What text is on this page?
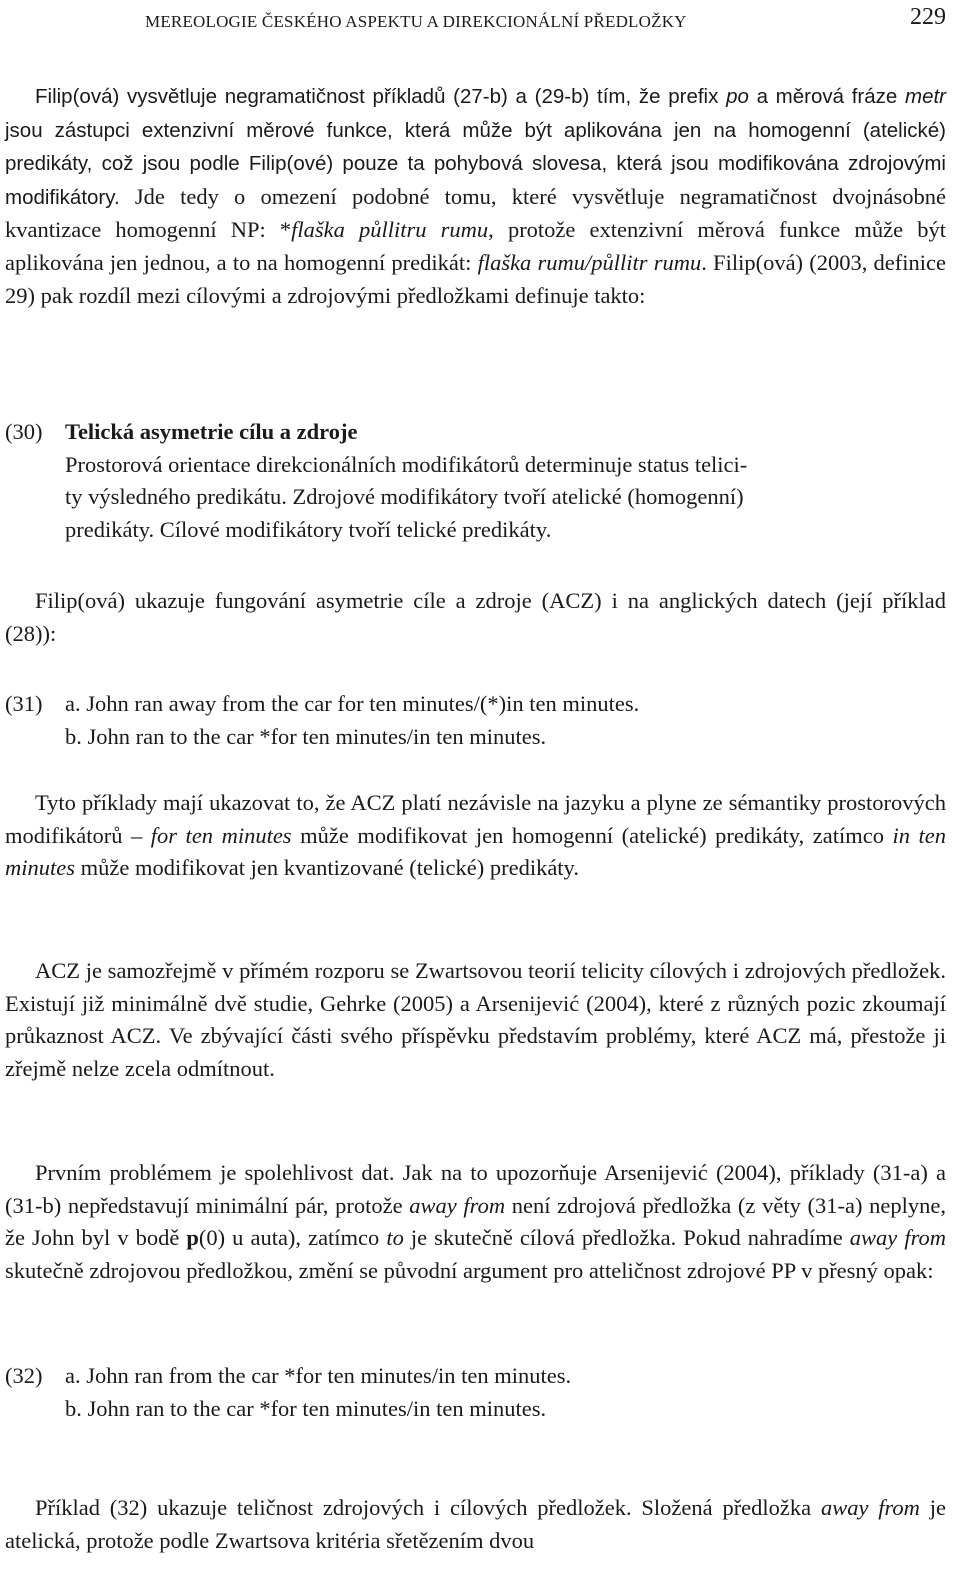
MEREOLOGIE ČESKÉHO ASPEKTU A DIREKCIONÁLNÍ PŘEDLOŽKY	229

Filip(ová) vysvětluje negramatičnost příkladů (27-b) a (29-b) tím, že prefix po a měrová fráze metr jsou zástupci extenzivní měrové funkce, která může být aplikována jen na homogenní (atelické) predikáty, což jsou podle Filip(ové) pouze ta pohybová slovesa, která jsou modifikována zdrojovými modifikátory. Jde tedy o omezení podobné tomu, které vysvětluje negramatičnost dvojnásobné kvantizace homogenní NP: *flaška půllitru rumu, protože extenzivní měrová funkce může být aplikována jen jednou, a to na homogenní predikát: flaška rumu/půllitr rumu. Filip(ová) (2003, definice 29) pak rozdíl mezi cílovými a zdrojovými předložkami definuje takto:

(30) Telická asymetrie cílu a zdroje
Prostorová orientace direkcionálních modifikátorů determinuje status telici-
ty výsledného predikátu. Zdrojové modifikátory tvoří atelické (homogenní)
predikáty. Cílové modifikátory tvoří telické predikáty.

Filip(ová) ukazuje fungování asymetrie cíle a zdroje (ACZ) i na anglických datech (její příklad (28)):

(31) a. John ran away from the car for ten minutes/(*)in ten minutes.
b. John ran to the car *for ten minutes/in ten minutes.

Tyto příklady mají ukazovat to, že ACZ platí nezávisle na jazyku a plyne ze sémantiky prostorových modifikátorů – for ten minutes může modifikovat jen homogenní (atelické) predikáty, zatímco in ten minutes může modifikovat jen kvantizované (telické) predikáty.

ACZ je samozřejmě v přímém rozporu se Zwartsovou teorií telicity cílových i zdrojových předložek. Existují již minimálně dvě studie, Gehrke (2005) a Arsenijević (2004), které z různých pozic zkoumají průkaznost ACZ. Ve zbývající části svého příspěvku představím problémy, které ACZ má, přestože ji zřejmě nelze zcela odmítnout.

Prvním problémem je spolehlivost dat. Jak na to upozorňuje Arsenijević (2004), příklady (31-a) a (31-b) nepředstavují minimální pár, protože away from není zdrojová předložka (z věty (31-a) neplyne, že John byl v bodě p(0) u auta), zatímco to je skutečně cílová předložka. Pokud nahradíme away from skutečně zdrojovou předložkou, změní se původní argument pro atteličnost zdrojové PP v přesný opak:

(32) a. John ran from the car *for ten minutes/in ten minutes.
b. John ran to the car *for ten minutes/in ten minutes.

Příklad (32) ukazuje teličnost zdrojových i cílových předložek. Složená předložka away from je atelická, protože podle Zwartsova kritéria sřetězením dvou
